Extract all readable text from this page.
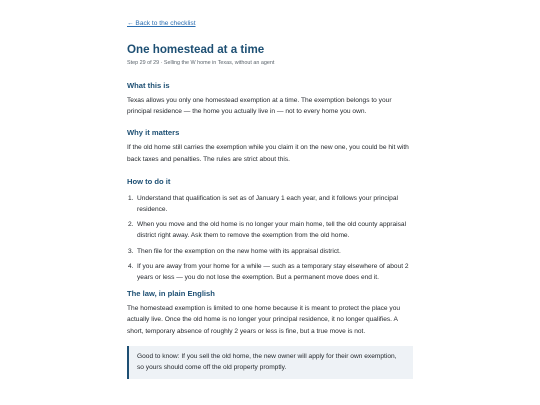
← Back to the checklist
One homestead at a time
Step 29 of 29 · Selling the W home in Texas, without an agent
What this is

Texas allows you only one homestead exemption at a time. The exemption belongs to your principal residence — the home you actually live in — not to every home you own.

Why it matters

If the old home still carries the exemption while you claim it on the new one, you could be hit with back taxes and penalties. The rules are strict about this.

How to do it
1. Understand that qualification is set as of January 1 each year, and it follows your principal residence.
2. When you move and the old home is no longer your main home, tell the old county appraisal district right away. Ask them to remove the exemption from the old home.
3. Then file for the exemption on the new home with its appraisal district.
4. If you are away from your home for a while — such as a temporary stay elsewhere of about 2 years or less — you do not lose the exemption. But a permanent move does end it.
The law, in plain English

The homestead exemption is limited to one home because it is meant to protect the place you actually live. Once the old home is no longer your principal residence, it no longer qualifies. A short, temporary absence of roughly 2 years or less is fine, but a true move is not.

Good to know: If you sell the old home, the new owner will apply for their own exemption, so yours should come off the old property promptly.
